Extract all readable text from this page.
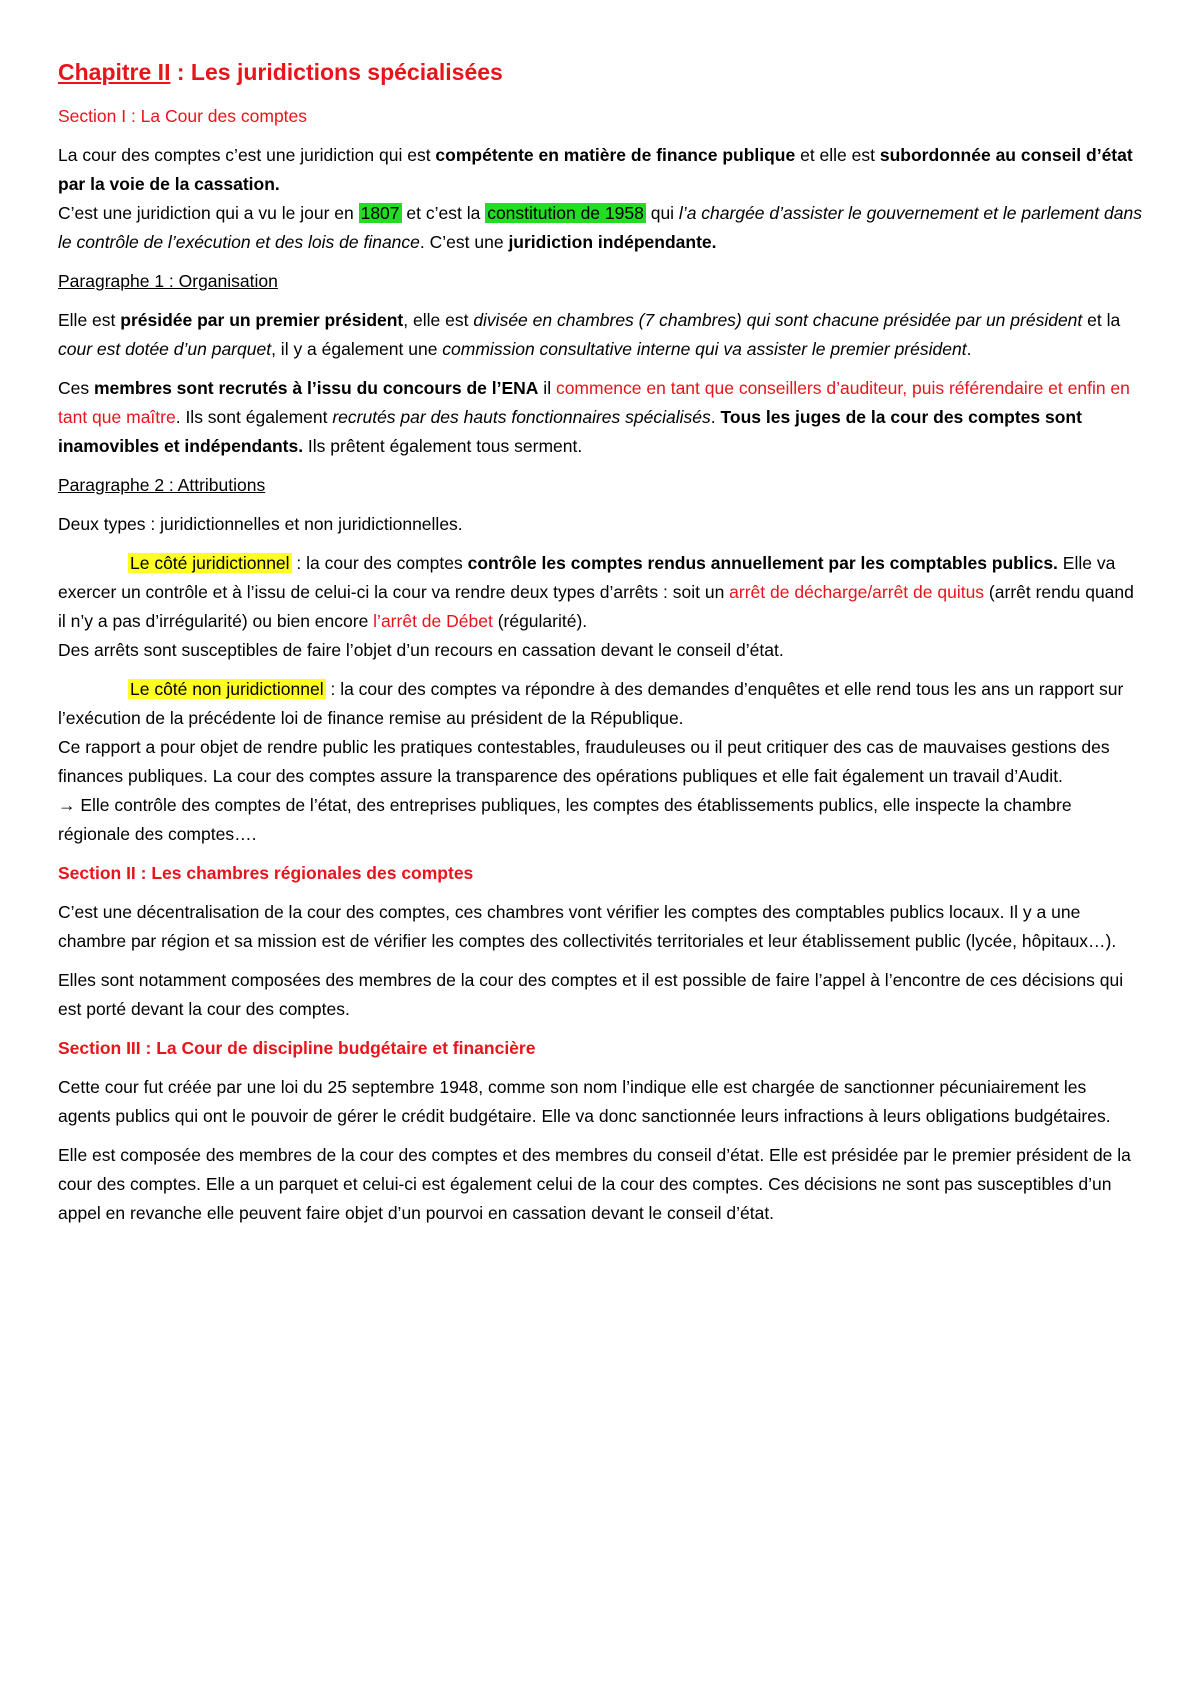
Chapitre II : Les juridictions spécialisées
Section I : La Cour des comptes

La cour des comptes c’est une juridiction qui est compétente en matière de finance publique et elle est subordonnée au conseil d’état par la voie de la cassation.

C’est une juridiction qui a vu le jour en 1807 et c’est la constitution de 1958 qui l’a chargée d’assister le gouvernement et le parlement dans le contrôle de l’exécution et des lois de finance. C’est une juridiction indépendante.

Paragraphe 1 : Organisation

Elle est présidée par un premier président, elle est divisée en chambres (7 chambres) qui sont chacune présidée par un président et la cour est dotée d’un parquet, il y a également une commission consultative interne qui va assister le premier président.

Ces membres sont recrutés à l’issu du concours de l’ENA il commence en tant que conseillers d’auditeur, puis référendaire et enfin en tant que maître. Ils sont également recrutés par des hauts fonctionnaires spécialisés. Tous les juges de la cour des comptes sont inamovibles et indépendants. Ils prêtent également tous serment.

Paragraphe 2 : Attributions

Deux types : juridictionnelles et non juridictionnelles.

Le côté juridictionnel : la cour des comptes contrôle les comptes rendus annuellement par les comptables publics. Elle va exercer un contrôle et à l’issu de celui-ci la cour va rendre deux types d’arrêts : soit un arrêt de décharge/arrêt de quitus (arrêt rendu quand il n’y a pas d’irrégularité) ou bien encore l’arrêt de Débet (régularité).

Des arrêts sont susceptibles de faire l’objet d’un recours en cassation devant le conseil d’état.

Le côté non juridictionnel : la cour des comptes va répondre à des demandes d’enquêtes et elle rend tous les ans un rapport sur l’exécution de la précédente loi de finance remise au président de la République.

Ce rapport a pour objet de rendre public les pratiques contestables, frauduleuses ou il peut critiquer des cas de mauvaises gestions des finances publiques. La cour des comptes assure la transparence des opérations publiques et elle fait également un travail d’Audit.

→ Elle contrôle des comptes de l’état, des entreprises publiques, les comptes des établissements publics, elle inspecte la chambre régionale des comptes….

Section II : Les chambres régionales des comptes

C’est une décentralisation de la cour des comptes, ces chambres vont vérifier les comptes des comptables publics locaux. Il y a une chambre par région et sa mission est de vérifier les comptes des collectivités territoriales et leur établissement public (lycée, hôpitaux…).

Elles sont notamment composées des membres de la cour des comptes et il est possible de faire l’appel à l’encontre de ces décisions qui est porté devant la cour des comptes.

Section III : La Cour de discipline budgétaire et financière

Cette cour fut créée par une loi du 25 septembre 1948, comme son nom l’indique elle est chargée de sanctionner pécuniairement les agents publics qui ont le pouvoir de gérer le crédit budgétaire. Elle va donc sanctionnée leurs infractions à leurs obligations budgétaires.

Elle est composée des membres de la cour des comptes et des membres du conseil d’état. Elle est présidée par le premier président de la cour des comptes. Elle a un parquet et celui-ci est également celui de la cour des comptes. Ces décisions ne sont pas susceptibles d’un appel en revanche elle peuvent faire objet d’un pourvoi en cassation devant le conseil d’état.
